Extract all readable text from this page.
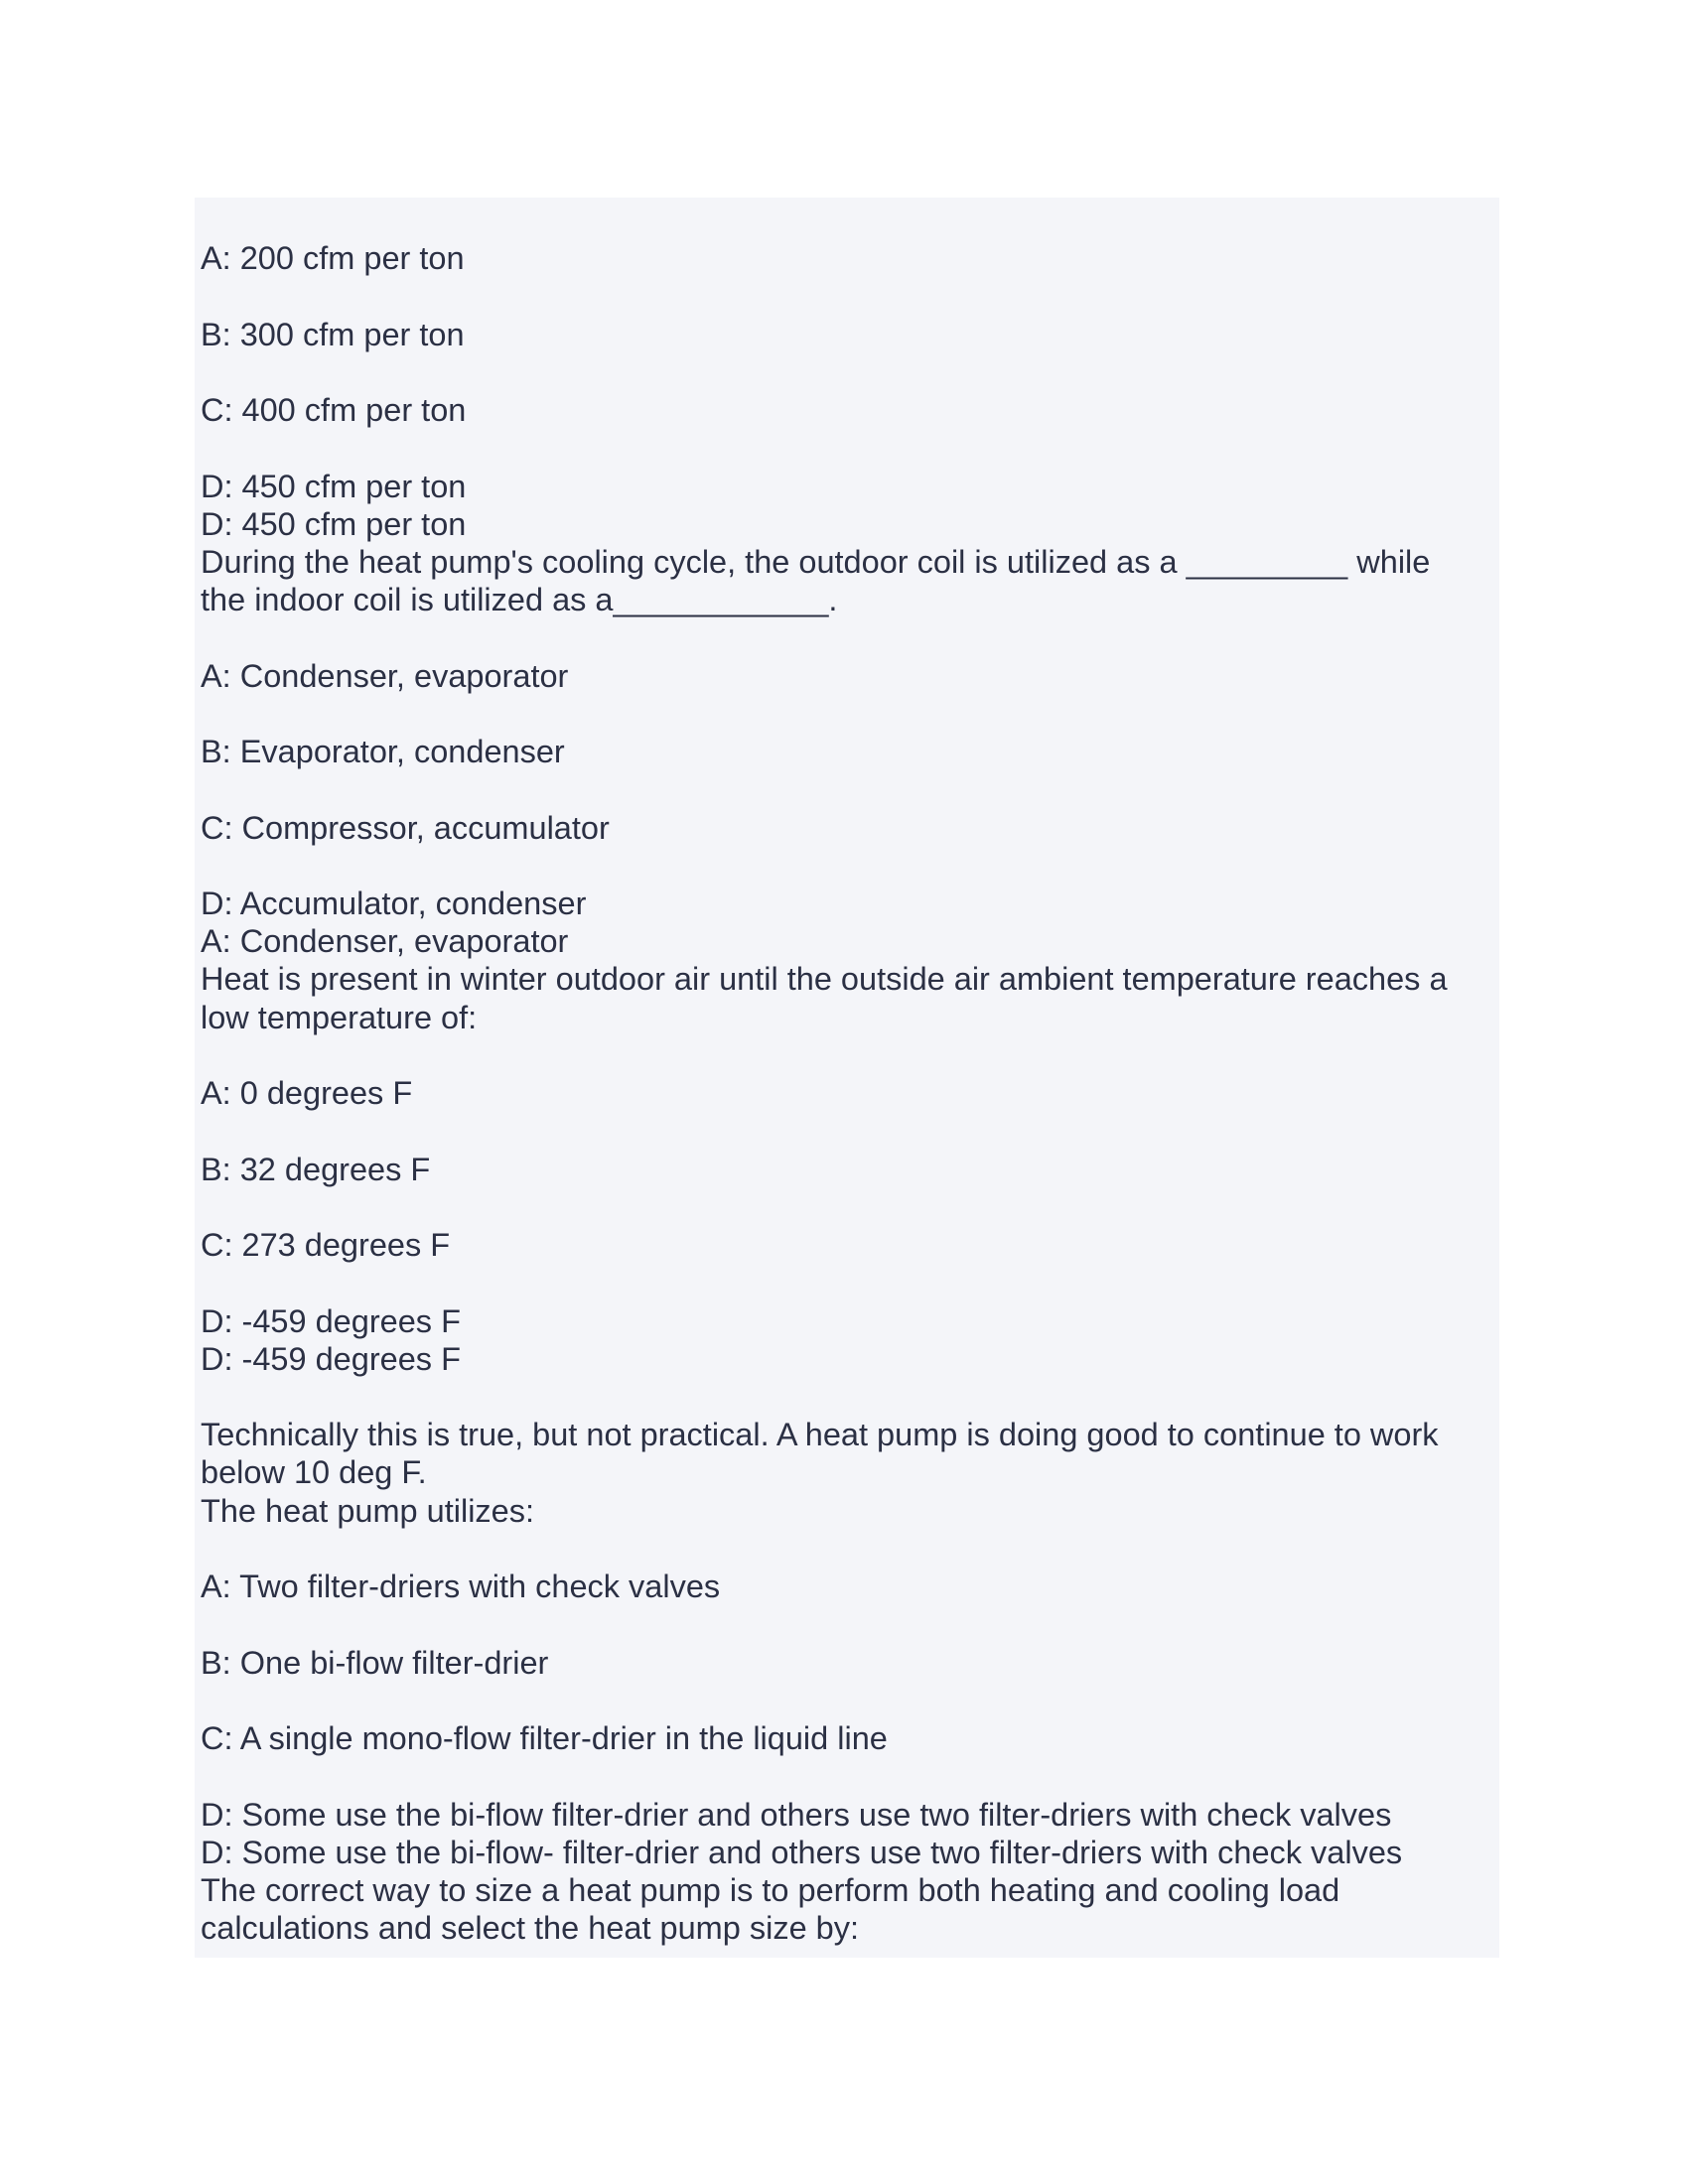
A: 200 cfm per ton

B: 300 cfm per ton

C: 400 cfm per ton

D: 450 cfm per ton

D: 450 cfm per ton

During the heat pump's cooling cycle, the outdoor coil is utilized as a _________ while

the indoor coil is utilized as a____________.

A: Condenser, evaporator

B: Evaporator, condenser

C: Compressor, accumulator

D: Accumulator, condenser

A: Condenser, evaporator

Heat is present in winter outdoor air until the outside air ambient temperature reaches a

low temperature of:

A: 0 degrees F

B: 32 degrees F

C: 273 degrees F

D: -459 degrees F

D: -459 degrees F

Technically this is true, but not practical. A heat pump is doing good to continue to work

below 10 deg F.

The heat pump utilizes:

A: Two filter-driers with check valves

B: One bi-flow filter-drier

C: A single mono-flow filter-drier in the liquid line

D: Some use the bi-flow filter-drier and others use two filter-driers with check valves

D: Some use the bi-flow- filter-drier and others use two filter-driers with check valves

The correct way to size a heat pump is to perform both heating and cooling load

calculations and select the heat pump size by:
